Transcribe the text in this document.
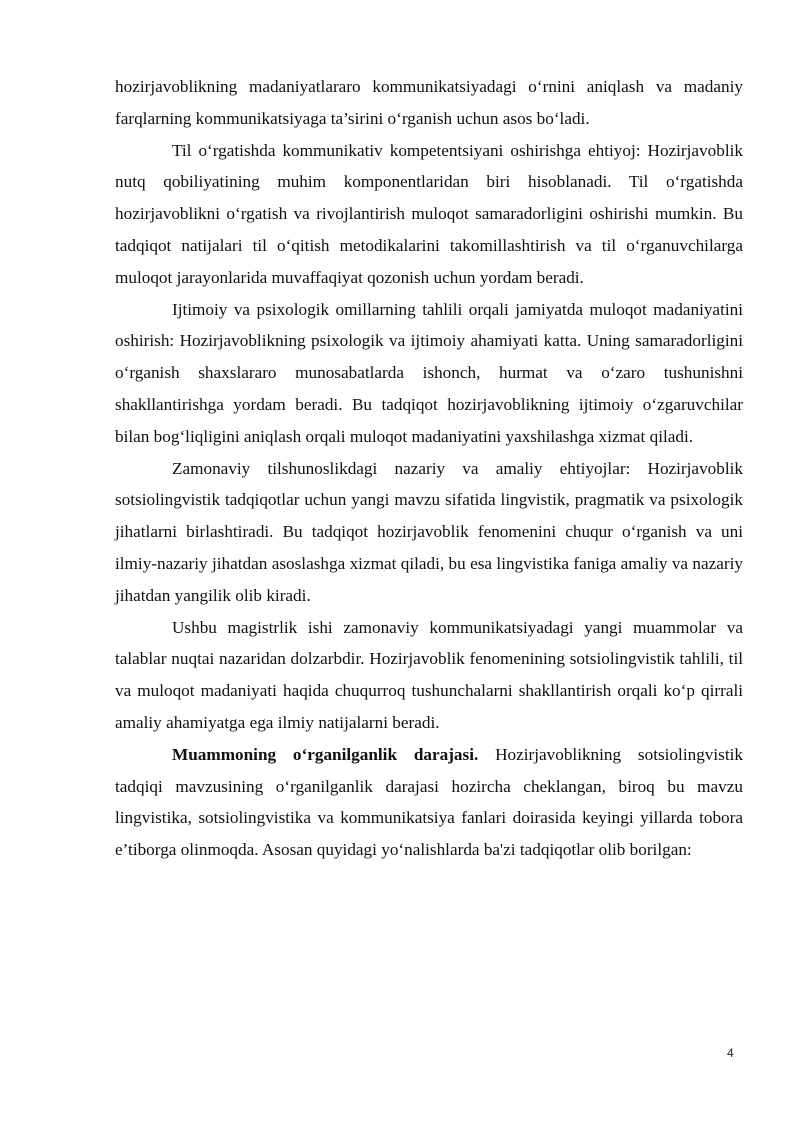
hozirjavoblikning madaniyatlararo kommunikatsiyadagi o‘rnini aniqlash va madaniy farqlarning kommunikatsiyaga ta’sirini o‘rganish uchun asos bo‘ladi.

Til o‘rgatishda kommunikativ kompetentsiyani oshirishga ehtiyoj: Hozirjavoblik nutq qobiliyatining muhim komponentlaridan biri hisoblanadi. Til o‘rgatishda hozirjavoblikni o‘rgatish va rivojlantirish muloqot samaradorligini oshirishi mumkin. Bu tadqiqot natijalari til o‘qitish metodikalarini takomillashtirish va til o‘rganuvchilarga muloqot jarayonlarida muvaffaqiyat qozonish uchun yordam beradi.

Ijtimoiy va psixologik omillarning tahlili orqali jamiyatda muloqot madaniyatini oshirish: Hozirjavoblikning psixologik va ijtimoiy ahamiyati katta. Uning samaradorligini o‘rganish shaxslararo munosabatlarda ishonch, hurmat va o‘zaro tushunishni shakllantirishga yordam beradi. Bu tadqiqot hozirjavoblikning ijtimoiy o‘zgaruvchilar bilan bog‘liqligini aniqlash orqali muloqot madaniyatini yaxshilashga xizmat qiladi.

Zamonaviy tilshunoslikdagi nazariy va amaliy ehtiyojlar: Hozirjavoblik sotsiolingvistik tadqiqotlar uchun yangi mavzu sifatida lingvistik, pragmatik va psixologik jihatlarni birlashtiradi. Bu tadqiqot hozirjavoblik fenomenini chuqur o‘rganish va uni ilmiy-nazariy jihatdan asoslashga xizmat qiladi, bu esa lingvistika faniga amaliy va nazariy jihatdan yangilik olib kiradi.

Ushbu magistrlik ishi zamonaviy kommunikatsiyadagi yangi muammolar va talablar nuqtai nazaridan dolzarbdir. Hozirjavoblik fenomenining sotsiolingvistik tahlili, til va muloqot madaniyati haqida chuqurroq tushunchalarni shakllantirish orqali ko‘p qirrali amaliy ahamiyatga ega ilmiy natijalarni beradi.

Muammoning o‘rganilganlik darajasi. Hozirjavoblikning sotsiolingvistik tadqiqi mavzusining o‘rganilganlik darajasi hozircha cheklangan, biroq bu mavzu lingvistika, sotsiolingvistika va kommunikatsiya fanlari doirasida keyingi yillarda tobora e’tiborga olinmoqda. Asosan quyidagi yo‘nalishlarda ba'zi tadqiqotlar olib borilgan:

4
